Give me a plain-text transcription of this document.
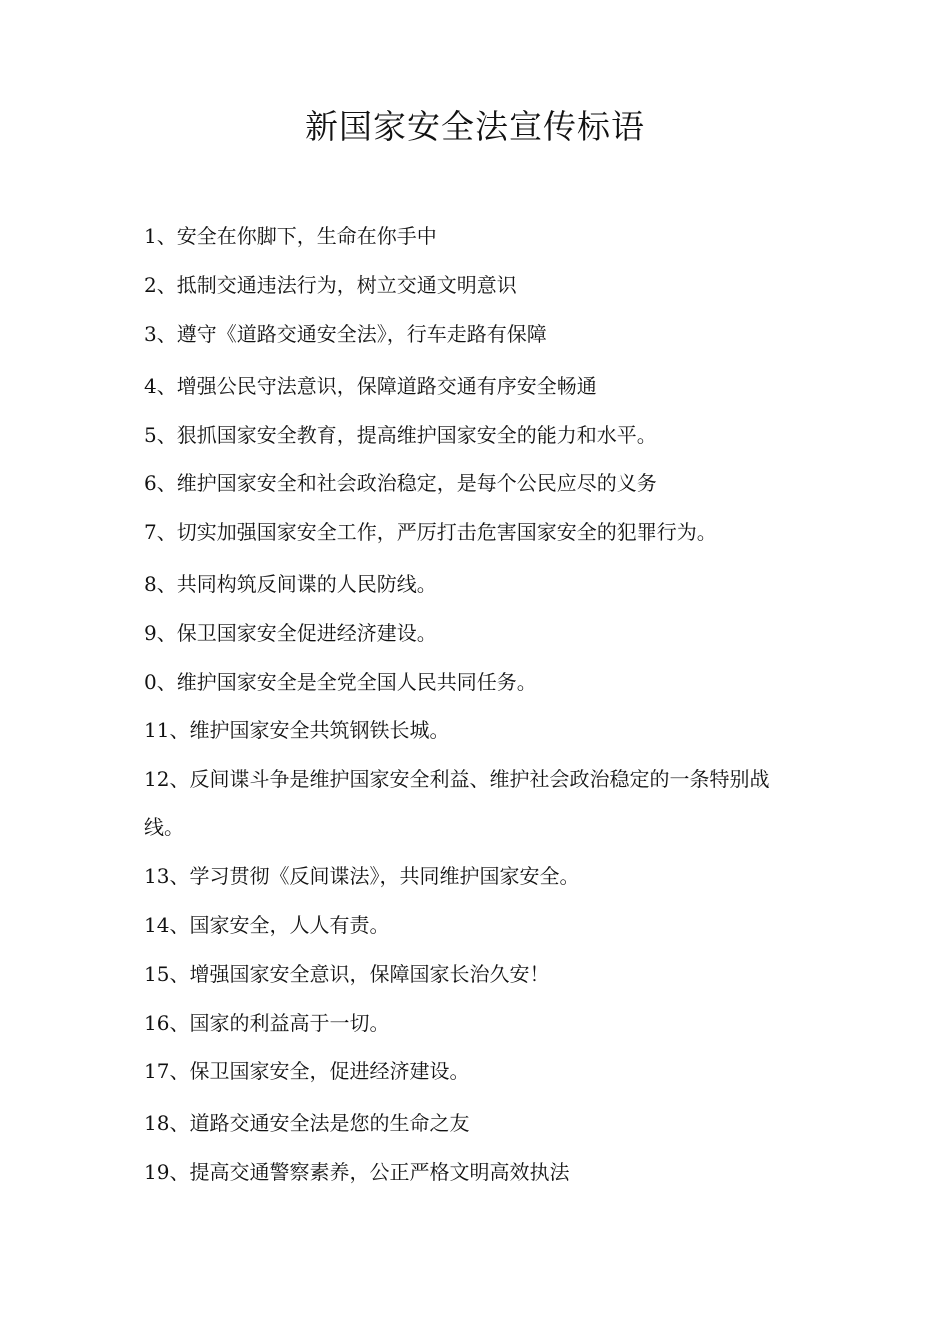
新国家安全法宣传标语

1、安全在你脚下，生命在你手中

2、抵制交通违法行为，树立交通文明意识

3、遵守《道路交通安全法》，行车走路有保障

4、增强公民守法意识，保障道路交通有序安全畅通

5、狠抓国家安全教育，提高维护国家安全的能力和水平。

6、维护国家安全和社会政治稳定，是每个公民应尽的义务

7、切实加强国家安全工作，严厉打击危害国家安全的犯罪行为。

8、共同构筑反间谍的人民防线。

9、保卫国家安全促进经济建设。

0、维护国家安全是全党全国人民共同任务。

11、维护国家安全共筑钢铁长城。

12、反间谍斗争是维护国家安全利益、维护社会政治稳定的一条特别战线。

13、学习贯彻《反间谍法》，共同维护国家安全。

14、国家安全，人人有责。

15、增强国家安全意识，保障国家长治久安！

16、国家的利益高于一切。

17、保卫国家安全，促进经济建设。

18、道路交通安全法是您的生命之友

19、提高交通警察素养，公正严格文明高效执法
